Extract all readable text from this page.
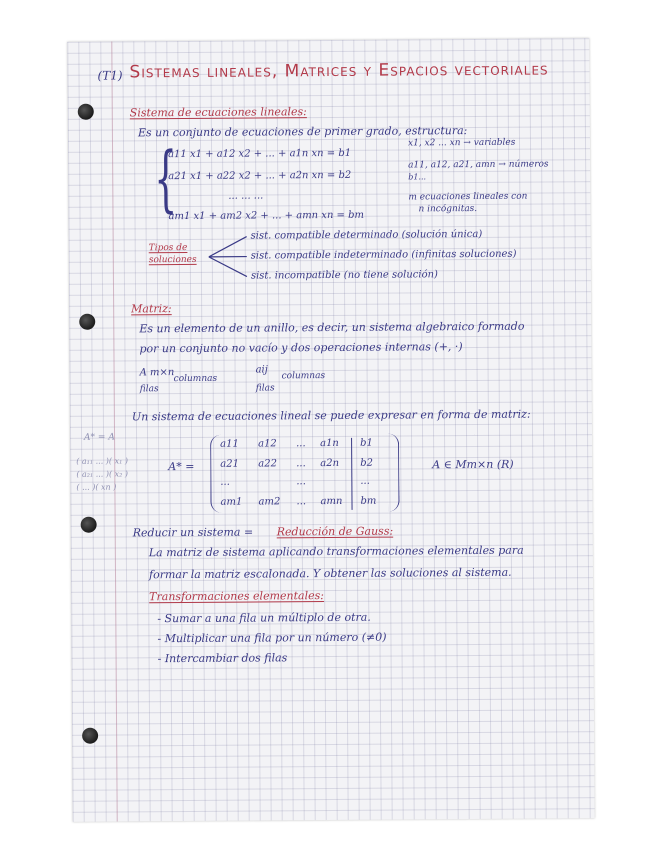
(T1) Sistemas lineales, Matrices y Espacios vectoriales
Sistema de ecuaciones lineales:
Es un conjunto de ecuaciones de primer grado, estructura:
{
a11 x1 + a12 x2 + ... + a1n xn = b1
a21 x1 + a22 x2 + ... + a2n xn = b2
... ... ...
am1 x1 + am2 x2 + ... + amn xn = bm
x1, x2 ... xn → variables
a11, a12, a21, amn → números
b1...
m ecuaciones lineales con
n incógnitas.
Tipos de soluciones
sist. compatible determinado (solución única)
sist. compatible indeterminado (infinitas soluciones)
sist. incompatible (no tiene solución)
Matriz:
Es un elemento de un anillo, es decir, un sistema algebraico formado
por un conjunto no vacío y dos operaciones internas (+, ·)
A m×n
filas
columnas
aij
filas
columnas
Un sistema de ecuaciones lineal se puede expresar en forma de matriz:
A* = A
( a₁₁ ... )( x₁ )
( a₂₁ ... )( x₂ )
( ... )( xn )
A* =
a11 a12 ... a1n b1
a21 a22 ... a2n b2
...	...	...
am1 am2 ... amn bm
A ∈ Mm×n (R)
Reducir un sistema = Reducción de Gauss:
La matriz de sistema aplicando transformaciones elementales para
formar la matriz escalonada. Y obtener las soluciones al sistema.
Transformaciones elementales:
- Sumar a una fila un múltiplo de otra.
- Multiplicar una fila por un número (≠0)
- Intercambiar dos filas
